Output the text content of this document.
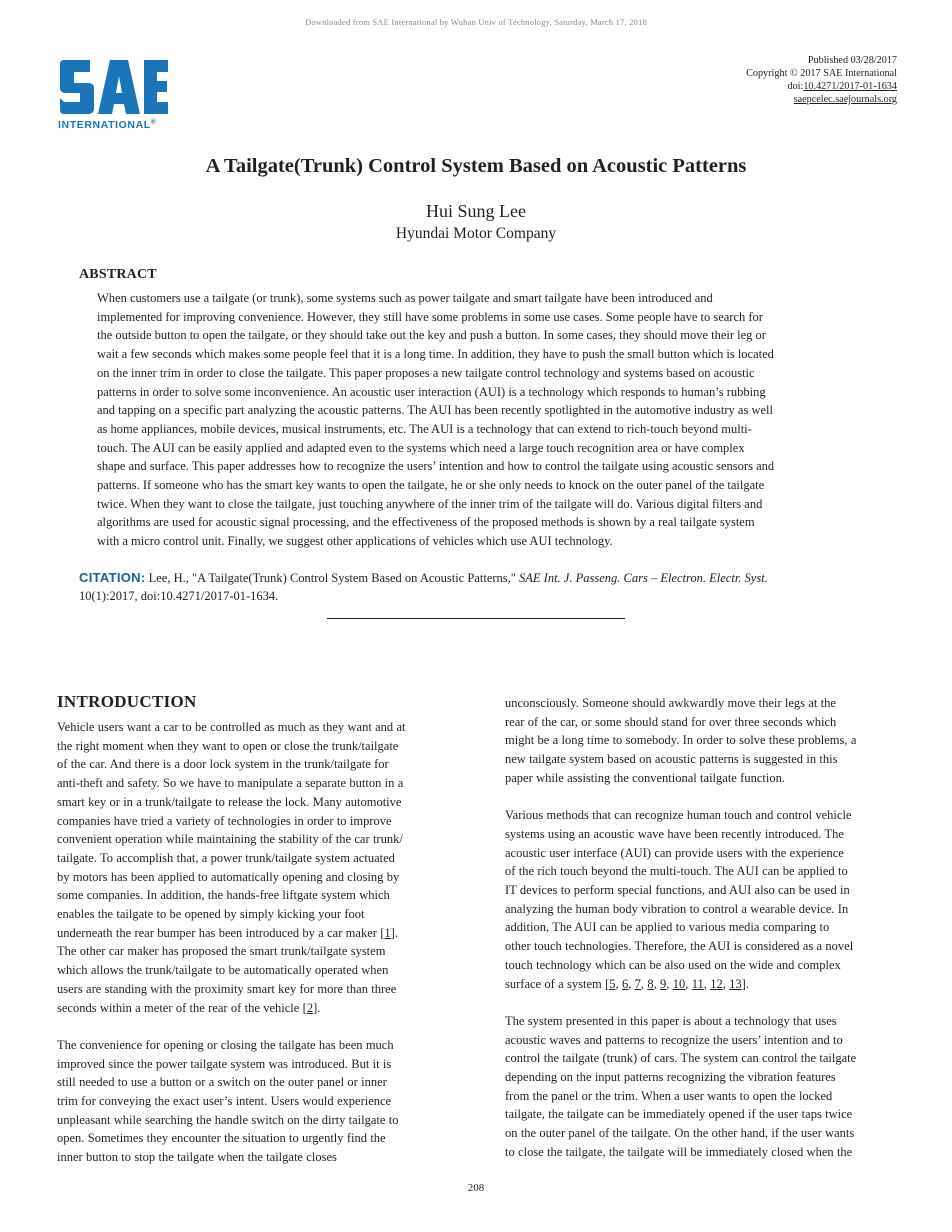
Downloaded from SAE International by Wuhan Univ of Technology, Saturday, March 17, 2018
INTERNATIONAL®
Published 03/28/2017
Copyright © 2017 SAE International
doi:10.4271/2017-01-1634
saepcelec.saejournals.org
A Tailgate(Trunk) Control System Based on Acoustic Patterns
Hui Sung Lee
Hyundai Motor Company
ABSTRACT

When customers use a tailgate (or trunk), some systems such as power tailgate and smart tailgate have been introduced and
implemented for improving convenience. However, they still have some problems in some use cases. Some people have to search for
the outside button to open the tailgate, or they should take out the key and push a button. In some cases, they should move their leg or
wait a few seconds which makes some people feel that it is a long time. In addition, they have to push the small button which is located
on the inner trim in order to close the tailgate. This paper proposes a new tailgate control technology and systems based on acoustic
patterns in order to solve some inconvenience. An acoustic user interaction (AUI) is a technology which responds to human’s rubbing
and tapping on a specific part analyzing the acoustic patterns. The AUI has been recently spotlighted in the automotive industry as well
as home appliances, mobile devices, musical instruments, etc. The AUI is a technology that can extend to rich-touch beyond multi-
touch. The AUI can be easily applied and adapted even to the systems which need a large touch recognition area or have complex
shape and surface. This paper addresses how to recognize the users’ intention and how to control the tailgate using acoustic sensors and
patterns. If someone who has the smart key wants to open the tailgate, he or she only needs to knock on the outer panel of the tailgate
twice. When they want to close the tailgate, just touching anywhere of the inner trim of the tailgate will do. Various digital filters and
algorithms are used for acoustic signal processing, and the effectiveness of the proposed methods is shown by a real tailgate system
with a micro control unit. Finally, we suggest other applications of vehicles which use AUI technology.

CITATION: Lee, H., "A Tailgate(Trunk) Control System Based on Acoustic Patterns," SAE Int. J. Passeng. Cars – Electron. Electr. Syst.
10(1):2017, doi:10.4271/2017-01-1634.
INTRODUCTION

Vehicle users want a car to be controlled as much as they want and at
the right moment when they want to open or close the trunk/tailgate
of the car. And there is a door lock system in the trunk/tailgate for
anti-theft and safety. So we have to manipulate a separate button in a
smart key or in a trunk/tailgate to release the lock. Many automotive
companies have tried a variety of technologies in order to improve
convenient operation while maintaining the stability of the car trunk/
tailgate. To accomplish that, a power trunk/tailgate system actuated
by motors has been applied to automatically opening and closing by
some companies. In addition, the hands-free liftgate system which
enables the tailgate to be opened by simply kicking your foot
underneath the rear bumper has been introduced by a car maker [1].
The other car maker has proposed the smart trunk/tailgate system
which allows the trunk/tailgate to be automatically operated when
users are standing with the proximity smart key for more than three
seconds within a meter of the rear of the vehicle [2].

The convenience for opening or closing the tailgate has been much
improved since the power tailgate system was introduced. But it is
still needed to use a button or a switch on the outer panel or inner
trim for conveying the exact user’s intent. Users would experience
unpleasant while searching the handle switch on the dirty tailgate to
open. Sometimes they encounter the situation to urgently find the
inner button to stop the tailgate when the tailgate closes

unconsciously. Someone should awkwardly move their legs at the
rear of the car, or some should stand for over three seconds which
might be a long time to somebody. In order to solve these problems, a
new tailgate system based on acoustic patterns is suggested in this
paper while assisting the conventional tailgate function.

Various methods that can recognize human touch and control vehicle
systems using an acoustic wave have been recently introduced. The
acoustic user interface (AUI) can provide users with the experience
of the rich touch beyond the multi-touch. The AUI can be applied to
IT devices to perform special functions, and AUI also can be used in
analyzing the human body vibration to control a wearable device. In
addition, The AUI can be applied to various media comparing to
other touch technologies. Therefore, the AUI is considered as a novel
touch technology which can be also used on the wide and complex
surface of a system [5, 6, 7, 8, 9, 10, 11, 12, 13].

The system presented in this paper is about a technology that uses
acoustic waves and patterns to recognize the users’ intention and to
control the tailgate (trunk) of cars. The system can control the tailgate
depending on the input patterns recognizing the vibration features
from the panel or the trim. When a user wants to open the locked
tailgate, the tailgate can be immediately opened if the user taps twice
on the outer panel of the tailgate. On the other hand, if the user wants
to close the tailgate, the tailgate will be immediately closed when the

208
